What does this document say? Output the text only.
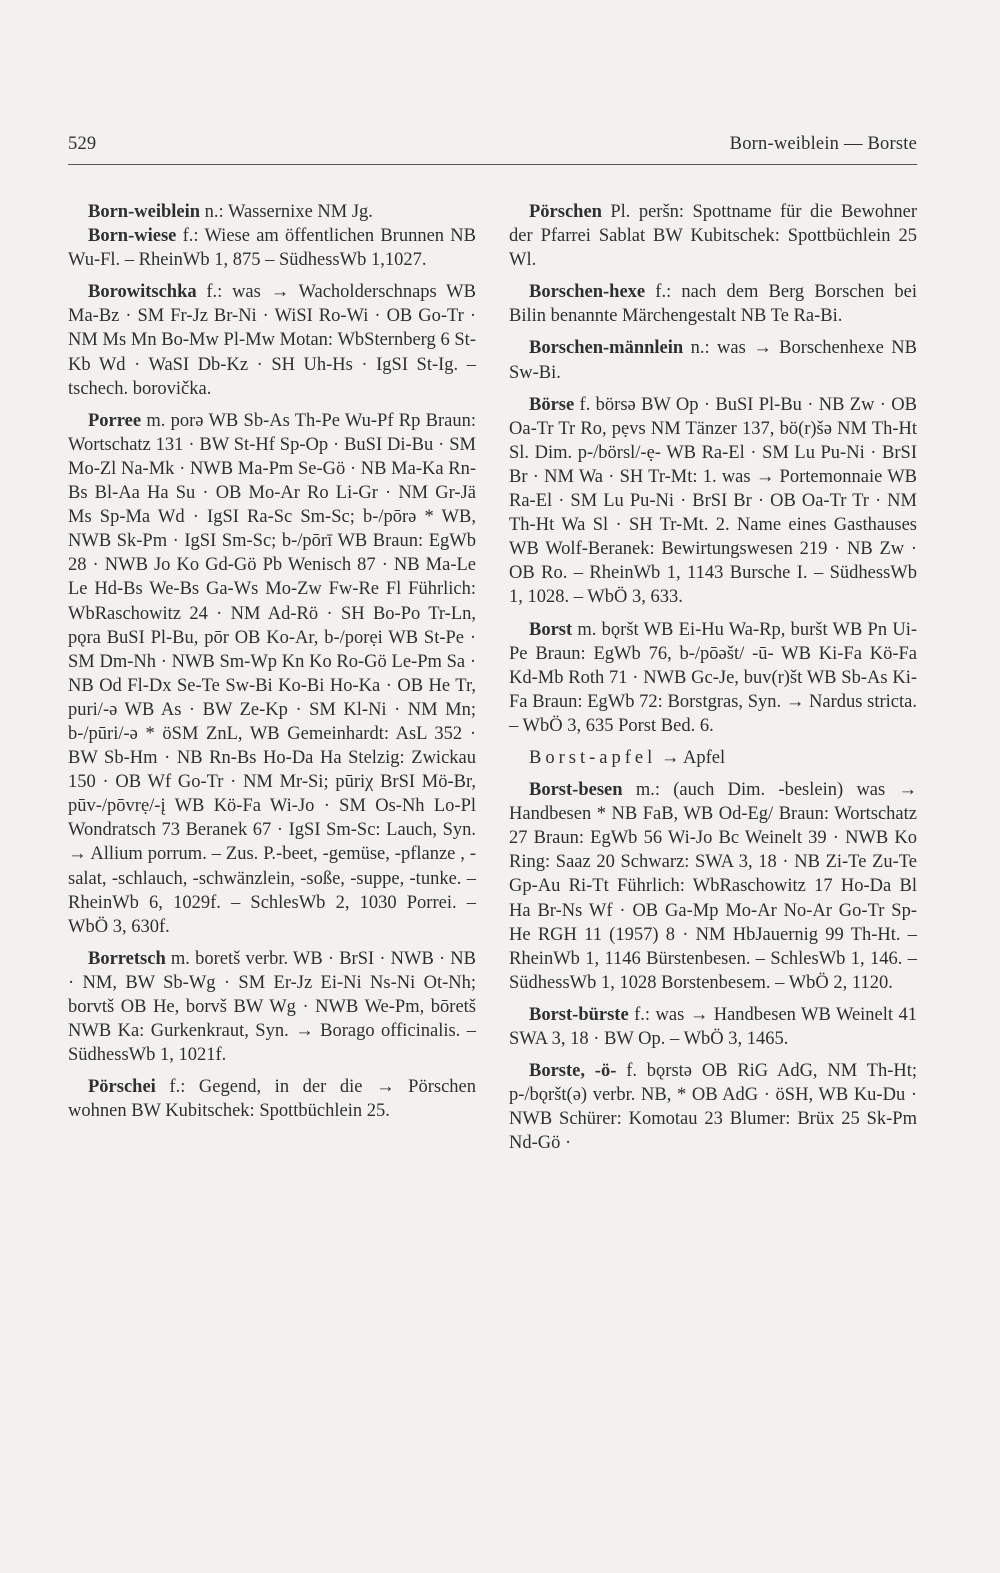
529	Born-weiblein — Borste

Born-weiblein n.: Wassernixe NM Jg.

Born-wiese f.: Wiese am öffentlichen Brunnen NB Wu-Fl. – RheinWb 1, 875 – SüdhessWb 1,1027.

Borowitschka f.: was → Wacholderschnaps WB Ma-Bz · SM Fr-Jz Br-Ni · WiSI Ro-Wi · OB Go-Tr · NM Ms Mn Bo-Mw Pl-Mw Motan: WbSternberg 6 St-Kb Wd · WaSI Db-Kz · SH Uh-Hs · IgSI St-Ig. – tschech. borovička.

Porree m. porə WB Sb-As Th-Pe Wu-Pf Rp Braun: Wortschatz 131 · BW St-Hf Sp-Op · BuSI Di-Bu · SM Mo-Zl Na-Mk · NWB Ma-Pm Se-Gö · NB Ma-Ka Rn-Bs Bl-Aa Ha Su · OB Mo-Ar Ro Li-Gr · NM Gr-Jä Ms Sp-Ma Wd · IgSI Ra-Sc Sm-Sc; b-/pōrə * WB, NWB Sk-Pm · IgSI Sm-Sc; b-/pōrī WB Braun: EgWb 28 · NWB Jo Ko Gd-Gö Pb Wenisch 87 · NB Ma-Le Le Hd-Bs We-Bs Ga-Ws Mo-Zw Fw-Re Fl Führlich: WbRaschowitz 24 · NM Ad-Rö · SH Bo-Po Tr-Ln, pǫra BuSI Pl-Bu, pōr OB Ko-Ar, b-/porẹi WB St-Pe · SM Dm-Nh · NWB Sm-Wp Kn Ko Ro-Gö Le-Pm Sa · NB Od Fl-Dx Se-Te Sw-Bi Ko-Bi Ho-Ka · OB He Tr, puri/-ə WB As · BW Ze-Kp · SM Kl-Ni · NM Mn; b-/pūri/-ə * öSM ZnL, WB Gemeinhardt: AsL 352 · BW Sb-Hm · NB Rn-Bs Ho-Da Ha Stelzig: Zwickau 150 · OB Wf Go-Tr · NM Mr-Si; pūriχ BrSI Mö-Br, pūv-/pōvrẹ/-į WB Kö-Fa Wi-Jo · SM Os-Nh Lo-Pl Wondratsch 73 Beranek 67 · IgSI Sm-Sc: Lauch, Syn. → Allium porrum. – Zus. P.-beet, -gemüse, -pflanze , -salat, -schlauch, -schwänzlein, -soße, -suppe, -tunke. – RheinWb 6, 1029f. – SchlesWb 2, 1030 Porrei. – WbÖ 3, 630f.

Borretsch m. boretš verbr. WB · BrSI · NWB · NB · NM, BW Sb-Wg · SM Er-Jz Ei-Ni Ns-Ni Ot-Nh; borvtš OB He, borvš BW Wg · NWB We-Pm, bōretš NWB Ka: Gurkenkraut, Syn. → Borago officinalis. – SüdhessWb 1, 1021f.

Pörschei f.: Gegend, in der die → Pörschen wohnen BW Kubitschek: Spottbüchlein 25.

Pörschen Pl. peršn: Spottname für die Bewohner der Pfarrei Sablat BW Kubitschek: Spottbüchlein 25 Wl.

Borschen-hexe f.: nach dem Berg Borschen bei Bilin benannte Märchengestalt NB Te Ra-Bi.

Borschen-männlein n.: was → Borschenhexe NB Sw-Bi.

Börse f. börsə BW Op · BuSI Pl-Bu · NB Zw · OB Oa-Tr Tr Ro, pẹvs NM Tänzer 137, bö(r)šə NM Th-Ht Sl. Dim. p-/börsl/-ẹ- WB Ra-El · SM Lu Pu-Ni · BrSI Br · NM Wa · SH Tr-Mt: 1. was → Portemonnaie WB Ra-El · SM Lu Pu-Ni · BrSI Br · OB Oa-Tr Tr · NM Th-Ht Wa Sl · SH Tr-Mt. 2. Name eines Gasthauses WB Wolf-Beranek: Bewirtungswesen 219 · NB Zw · OB Ro. – RheinWb 1, 1143 Bursche I. – SüdhessWb 1, 1028. – WbÖ 3, 633.

Borst m. bǫršt WB Ei-Hu Wa-Rp, buršt WB Pn Ui-Pe Braun: EgWb 76, b-/pōəšt/ -ū- WB Ki-Fa Kö-Fa Kd-Mb Roth 71 · NWB Gc-Je, buv(r)št WB Sb-As Ki-Fa Braun: EgWb 72: Borstgras, Syn. → Nardus stricta. – WbÖ 3, 635 Porst Bed. 6.

Borst-apfel → Apfel

Borst-besen m.: (auch Dim. -beslein) was → Handbesen * NB FaB, WB Od-Eg/ Braun: Wortschatz 27 Braun: EgWb 56 Wi-Jo Bc Weinelt 39 · NWB Ko Ring: Saaz 20 Schwarz: SWA 3, 18 · NB Zi-Te Zu-Te Gp-Au Ri-Tt Führlich: WbRaschowitz 17 Ho-Da Bl Ha Br-Ns Wf · OB Ga-Mp Mo-Ar No-Ar Go-Tr Sp-He RGH 11 (1957) 8 · NM HbJauernig 99 Th-Ht. – RheinWb 1, 1146 Bürstenbesen. – SchlesWb 1, 146. – SüdhessWb 1, 1028 Borstenbesem. – WbÖ 2, 1120.

Borst-bürste f.: was → Handbesen WB Weinelt 41 SWA 3, 18 · BW Op. – WbÖ 3, 1465.

Borste, -ö- f. bǫrstə OB RiG AdG, NM Th-Ht; p-/bǫršt(ə) verbr. NB, * OB AdG · öSH, WB Ku-Du · NWB Schürer: Komotau 23 Blumer: Brüx 25 Sk-Pm Nd-Gö ·
